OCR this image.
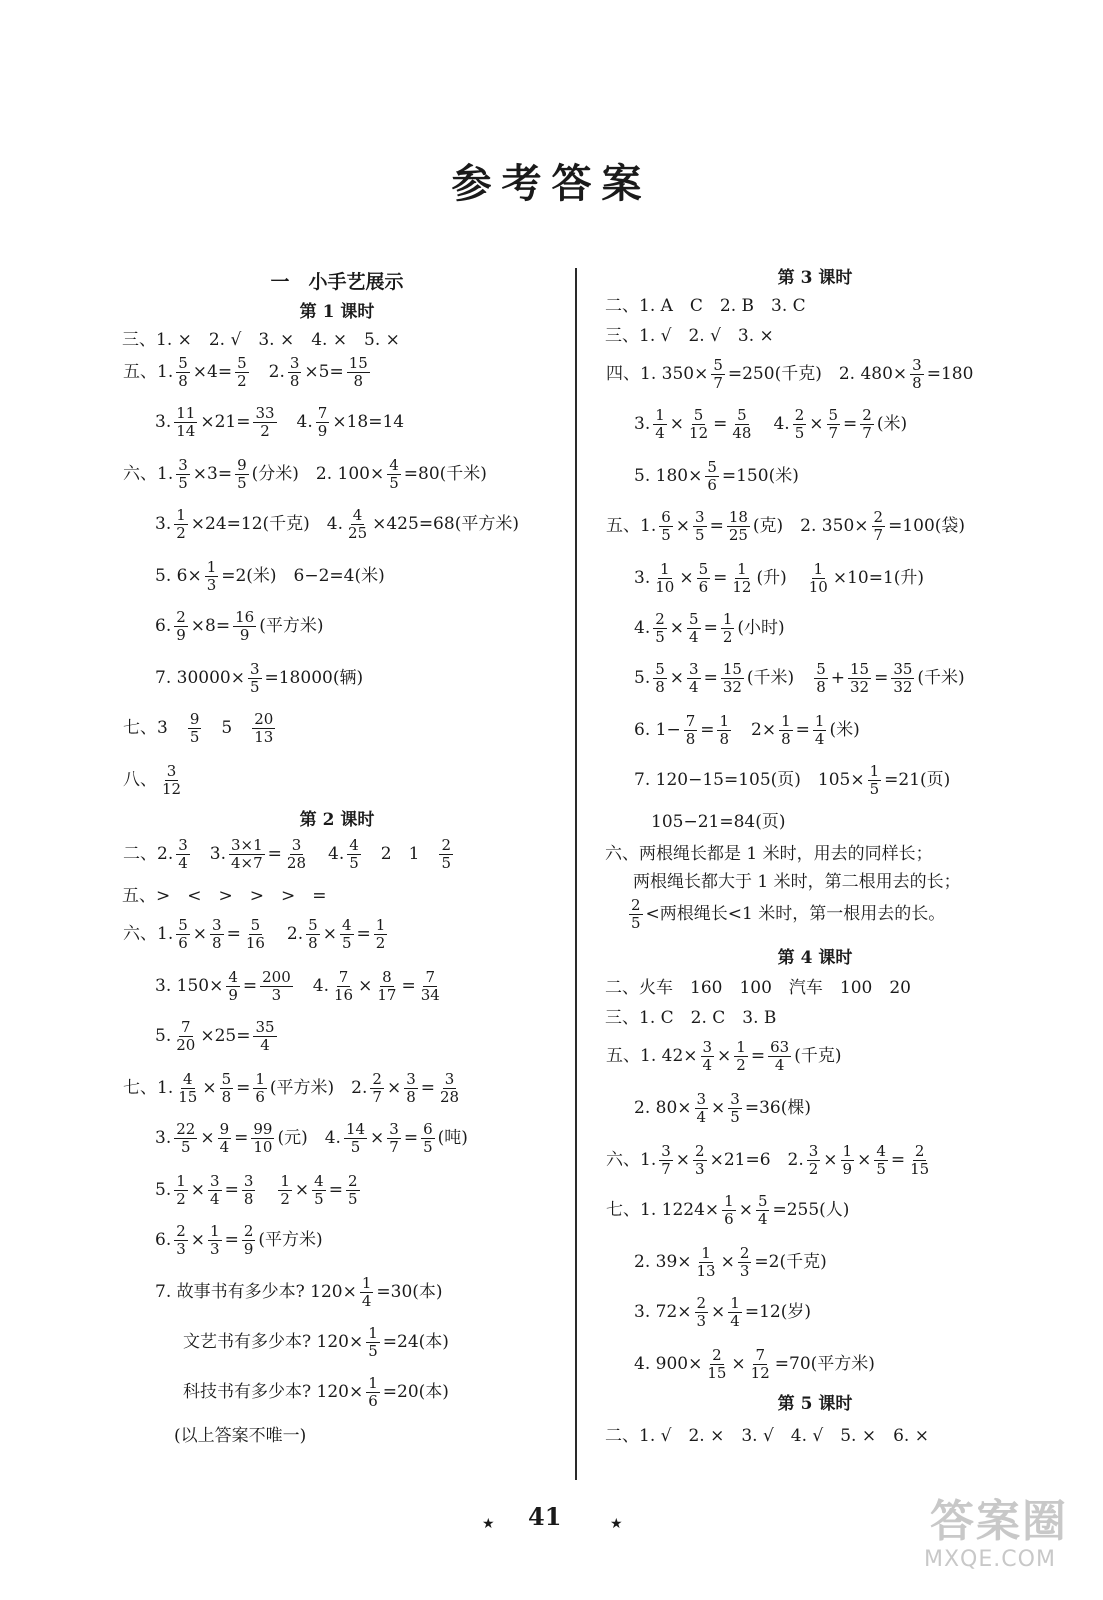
参考答案
一　小手艺展示
第 1 课时
三、1. ×　2. √　3. ×　4. ×　5. ×
五、1. $\frac{5}{8} \times 4= \frac{5}{2}$ 　2. $\frac{3}{8} \times 5= \frac{15}{8}$
3. $\frac{11}{14} \times 21= \frac{33}{2}$ 　4. $\frac{7}{9} \times 18=14$
六、1. $\frac{3}{5} \times 3= \frac{9}{5}$ (分米)　2. $100\times \frac{4}{5} =80$(千米)
3. $\frac{1}{2} \times 24=12$(千克)　4. $\frac{4}{25} \times 425=68$(平方米)
5. $6\times \frac{1}{3} =2$(米)　6−2=4(米)
6. $\frac{2}{9} \times 8= \frac{16}{9}$ (平方米)
7. $30000\times \frac{3}{5} =18000$(辆)
七、3　 $\frac{9}{5}$ 　5　 $\frac{20}{13}$
八、 $\frac{3}{12}$
第 2 课时
二、2. $\frac{3}{4}$ 　3. $\frac{3\times 1}{4\times 7} = \frac{3}{28}$ 　4. $\frac{4}{5}$ 　2　1　 $\frac{2}{5}$
五、>　<　>　>　>　=
六、1. $\frac{5}{6} \times \frac{3}{8} = \frac{5}{16}$ 　2. $\frac{5}{8} \times \frac{4}{5} = \frac{1}{2}$
3. $150\times \frac{4}{9} = \frac{200}{3}$ 　4. $\frac{7}{16} \times \frac{8}{17} = \frac{7}{34}$
5. $\frac{7}{20} \times 25= \frac{35}{4}$
七、1. $\frac{4}{15} \times \frac{5}{8} = \frac{1}{6}$ (平方米)　2. $\frac{2}{7} \times \frac{3}{8} = \frac{3}{28}$
3. $\frac{22}{5} \times \frac{9}{4} = \frac{99}{10}$ (元)　4. $\frac{14}{5} \times \frac{3}{7} = \frac{6}{5}$ (吨)
5. $\frac{1}{2} \times \frac{3}{4} = \frac{3}{8}$
　 $\frac{1}{2} \times \frac{4}{5} = \frac{2}{5}$
6. $\frac{2}{3} \times \frac{1}{3} = \frac{2}{9}$ (平方米)
7. 故事书有多少本? $120\times \frac{1}{4} =30$(本)
文艺书有多少本? $120\times \frac{1}{5} =24$(本)
科技书有多少本? $120\times \frac{1}{6} =20$(本)
(以上答案不唯一)
第 3 课时
二、1. A　C　2. B　3. C
三、1. √　2. √　3. ×
四、1. $350\times \frac{5}{7} =250$(千克)　2. $480\times \frac{3}{8} =180$
3. $\frac{1}{4} \times \frac{5}{12} = \frac{5}{48}$ 　4. $\frac{2}{5} \times \frac{5}{7} = \frac{2}{7}$ (米)
5. $180\times \frac{5}{6} =150$(米)
五、1. $\frac{6}{5} \times \frac{3}{5} = \frac{18}{25}$ (克)　2. $350\times \frac{2}{7} =100$(袋)
3. $\frac{1}{10} \times \frac{5}{6} = \frac{1}{12}$ (升)　 $\frac{1}{10} \times 10=1$(升)
4. $\frac{2}{5} \times \frac{5}{4} = \frac{1}{2}$ (小时)
5. $\frac{5}{8} \times \frac{3}{4} = \frac{15}{32}$ (千米)　 $\frac{5}{8} + \frac{15}{32} = \frac{35}{32}$ (千米)
6. $1- \frac{7}{8} = \frac{1}{8}$ 　$2\times \frac{1}{8} = \frac{1}{4}$ (米)
7. 120−15=105(页)　$105\times \frac{1}{5} =21$(页)
105−21=84(页)
六、两根绳长都是 1 米时，用去的同样长；
两根绳长都大于 1 米时，第二根用去的长；
$\frac{2}{5}$ <两根绳长<1 米时，第一根用去的长。
第 4 课时
二、火车　160　100　汽车　100　20
三、1. C　2. C　3. B
五、1. $42\times \frac{3}{4} \times \frac{1}{2} = \frac{63}{4}$ (千克)
2. $80\times \frac{3}{4} \times \frac{3}{5} =36$(棵)
六、1. $\frac{3}{7} \times \frac{2}{3} \times 21=6$　2. $\frac{3}{2} \times \frac{1}{9} \times \frac{4}{5} = \frac{2}{15}$
七、1. $1224\times \frac{1}{6} \times \frac{5}{4} =255$(人)
2. $39\times \frac{1}{13} \times \frac{2}{3} =2$(千克)
3. $72\times \frac{2}{3} \times \frac{1}{4} =12$(岁)
4. $900\times \frac{2}{15} \times \frac{7}{12} =70$(平方米)
第 5 课时
二、1. √　2. ×　3. √　4. √　5. ×　6. ×
★ 41	★	答案圈
MXQE.COM
